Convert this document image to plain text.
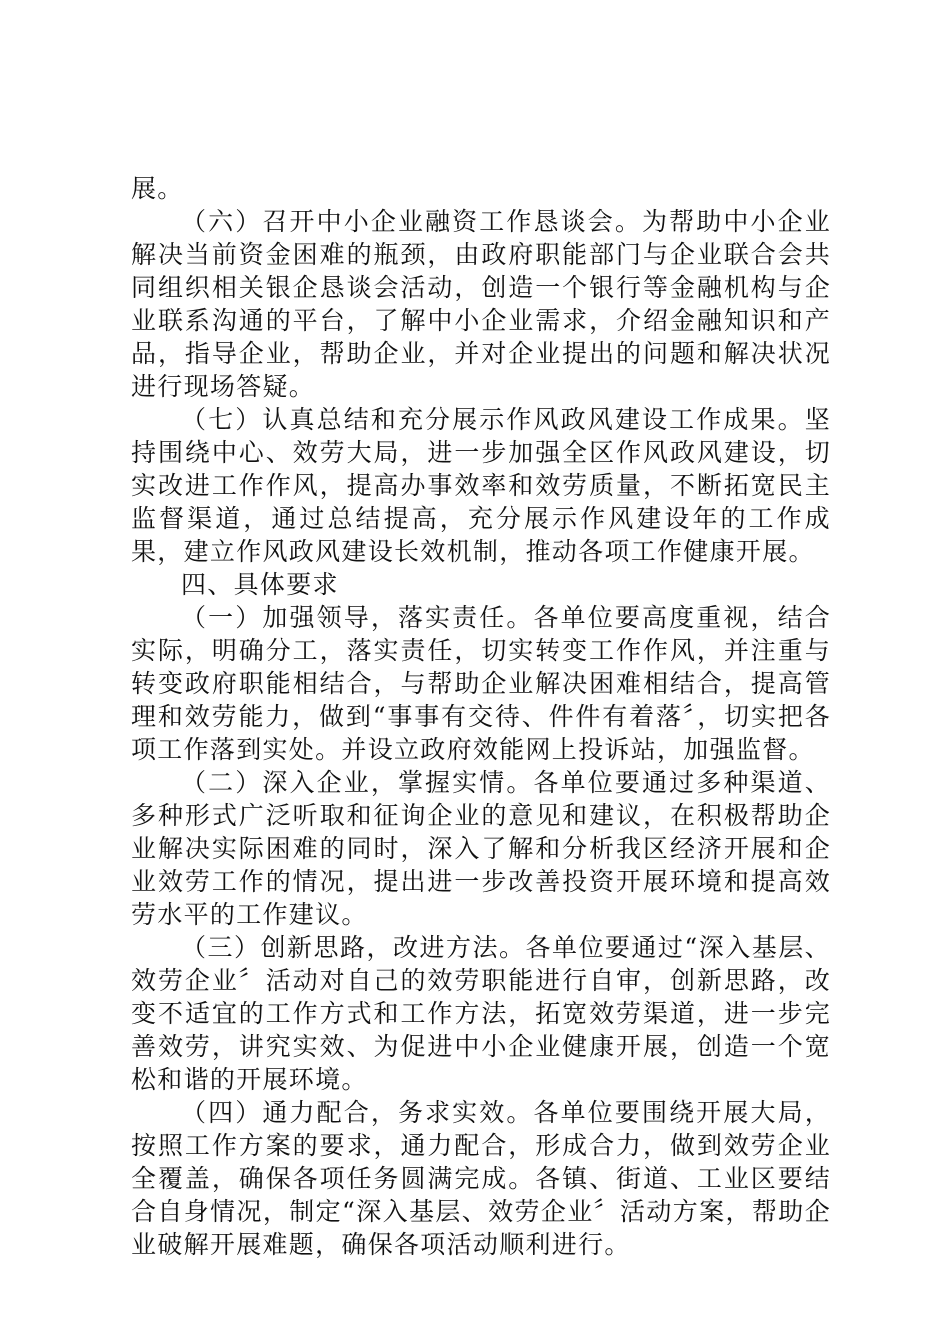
展。

（六）召开中小企业融资工作恳谈会。为帮助中小企业解决当前资金困难的瓶颈，由政府职能部门与企业联合会共同组织相关银企恳谈会活动，创造一个银行等金融机构与企业联系沟通的平台，了解中小企业需求，介绍金融知识和产品，指导企业，帮助企业，并对企业提出的问题和解决状况进行现场答疑。

（七）认真总结和充分展示作风政风建设工作成果。坚持围绕中心、效劳大局，进一步加强全区作风政风建设，切实改进工作作风，提高办事效率和效劳质量，不断拓宽民主监督渠道，通过总结提高，充分展示作风建设年的工作成果，建立作风政风建设长效机制，推动各项工作健康开展。

四、具体要求

（一）加强领导，落实责任。各单位要高度重视，结合实际，明确分工，落实责任，切实转变工作作风，并注重与转变政府职能相结合，与帮助企业解决困难相结合，提高管理和效劳能力，做到“事事有交待、件件有着落〞，切实把各项工作落到实处。并设立政府效能网上投诉站，加强监督。

（二）深入企业，掌握实情。各单位要通过多种渠道、多种形式广泛听取和征询企业的意见和建议，在积极帮助企业解决实际困难的同时，深入了解和分析我区经济开展和企业效劳工作的情况，提出进一步改善投资开展环境和提高效劳水平的工作建议。

（三）创新思路，改进方法。各单位要通过“深入基层、效劳企业〞活动对自己的效劳职能进行自审，创新思路，改变不适宜的工作方式和工作方法，拓宽效劳渠道，进一步完善效劳，讲究实效、为促进中小企业健康开展，创造一个宽松和谐的开展环境。

（四）通力配合，务求实效。各单位要围绕开展大局，按照工作方案的要求，通力配合，形成合力，做到效劳企业全覆盖，确保各项任务圆满完成。各镇、街道、工业区要结合自身情况，制定“深入基层、效劳企业〞活动方案，帮助企业破解开展难题，确保各项活动顺利进行。
